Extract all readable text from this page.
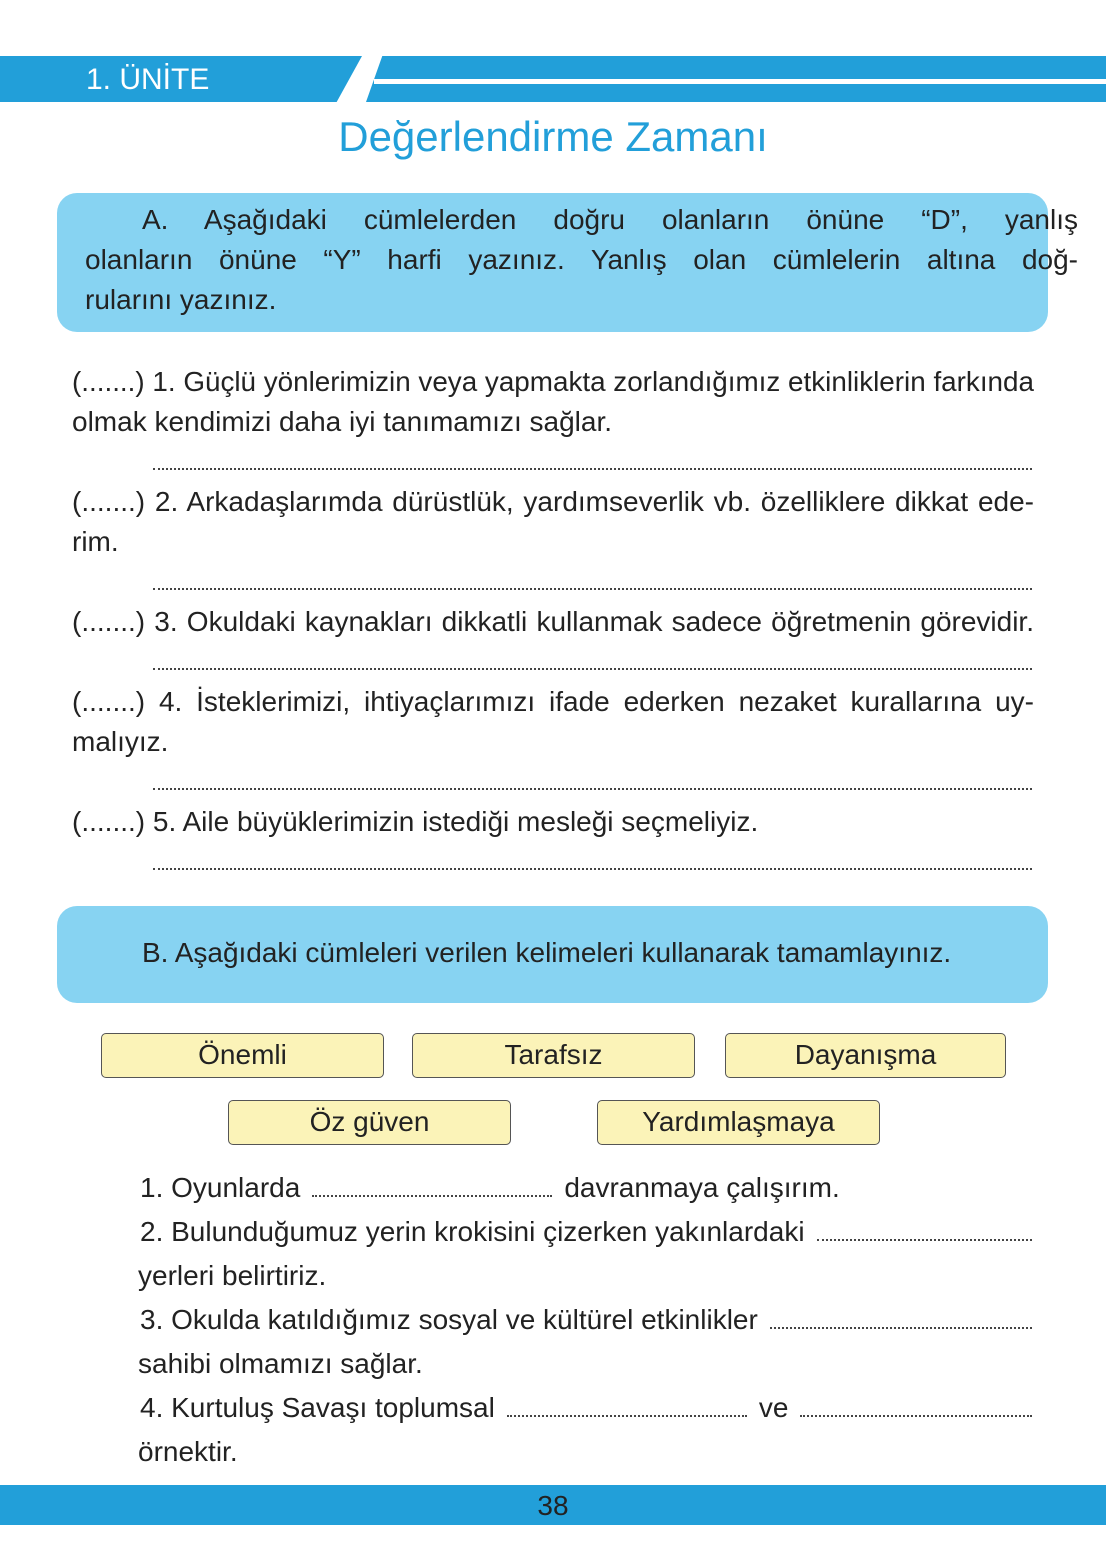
1. ÜNİTE
Değerlendirme Zamanı
A. Aşağıdaki cümlelerden doğru olanların önüne “D”, yanlış
olanların önüne “Y” harfi yazınız. Yanlış olan cümlelerin altına doğ-
rularını yazınız.
(.......) 1. Güçlü yönlerimizin veya yapmakta zorlandığımız etkinliklerin farkında
olmak kendimizi daha iyi tanımamızı sağlar.
(.......) 2. Arkadaşlarımda dürüstlük, yardımseverlik vb. özelliklere dikkat ede-
rim.
(.......) 3. Okuldaki kaynakları dikkatli kullanmak sadece öğretmenin görevidir.
(.......) 4. İsteklerimizi, ihtiyaçlarımızı ifade ederken nezaket kurallarına uy-
malıyız.
(.......) 5. Aile büyüklerimizin istediği mesleği seçmeliyiz.
B. Aşağıdaki cümleleri verilen kelimeleri kullanarak tamamlayınız.
Önemli	Tarafsız	Dayanışma
Öz güven	Yardımlaşmaya
1. Oyunlarda	davranmaya çalışırım.
2. Bulunduğumuz yerin krokisini çizerken yakınlardaki
yerleri belirtiriz.
3. Okulda katıldığımız sosyal ve kültürel etkinlikler
sahibi olmamızı sağlar.
4. Kurtuluş Savaşı toplumsal	ve
örnektir.
38
